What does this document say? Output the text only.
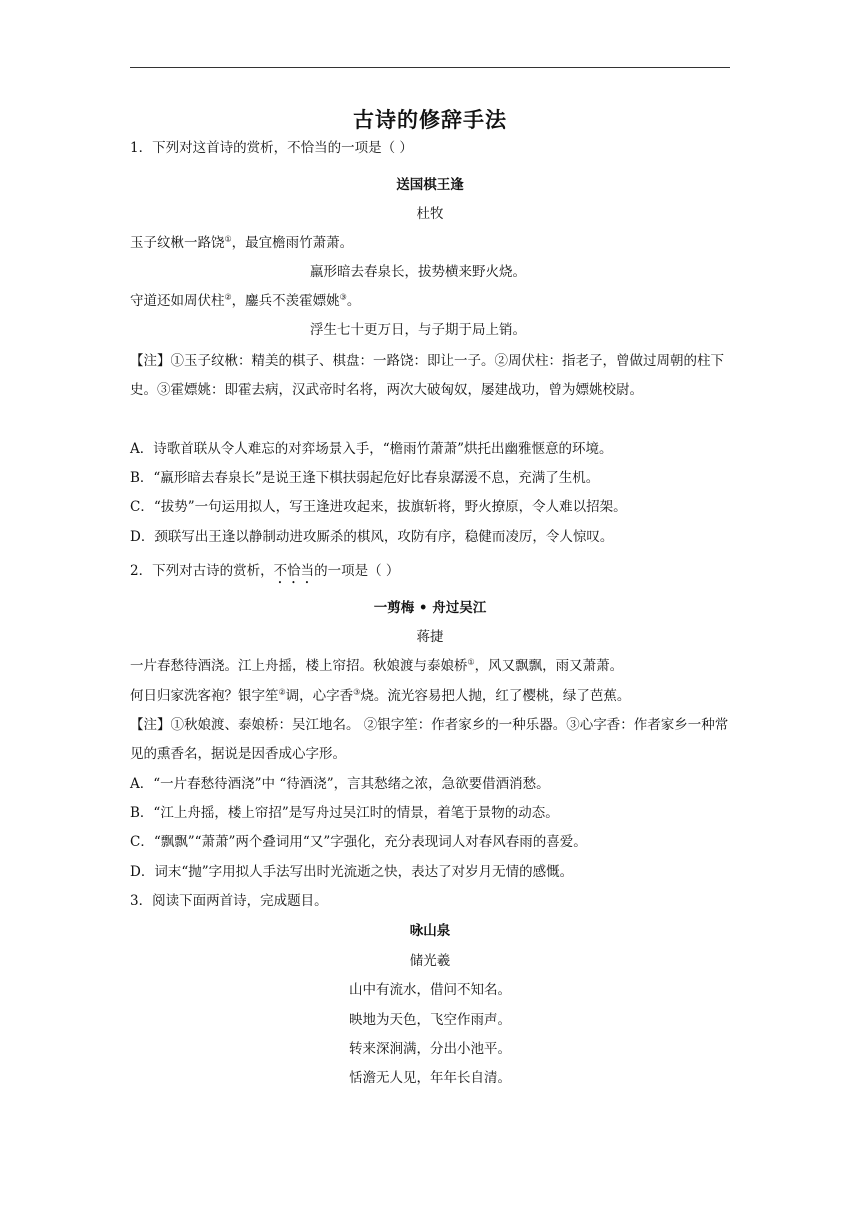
古诗的修辞手法
1．下列对这首诗的赏析，不恰当的一项是（ ）
送国棋王逢
杜牧
玉子纹楸一路饶①，最宜檐雨竹萧萧。
羸形暗去春泉长，拔势横来野火烧。
守道还如周伏柱②，鏖兵不羡霍嫖姚③。
浮生七十更万日，与子期于局上销。
【注】①玉子纹楸：精美的棋子、棋盘：一路饶：即让一子。②周伏柱：指老子，曾做过周朝的柱下史。③霍嫖姚：即霍去病，汉武帝时名将，两次大破匈奴，屡建战功，曾为嫖姚校尉。
A．诗歌首联从令人难忘的对弈场景入手，“檐雨竹萧萧”烘托出幽雅惬意的环境。
B．“羸形暗去春泉长”是说王逢下棋扶弱起危好比春泉潺湲不息，充满了生机。
C．“拔势”一句运用拟人，写王逢进攻起来，拔旗斩将，野火撩原，令人难以招架。
D．颈联写出王逢以静制动进攻厮杀的棋风，攻防有序，稳健而凌厉，令人惊叹。
2．下列对古诗的赏析，不恰当的一项是（ ）
一剪梅 • 舟过吴江
蒋捷
一片春愁待酒浇。江上舟摇，楼上帘招。秋娘渡与泰娘桥①，风又飘飘，雨又萧萧。
何日归家洗客袍？银字笙②调，心字香③烧。流光容易把人抛，红了樱桃，绿了芭蕉。
【注】①秋娘渡、泰娘桥：吴江地名。 ②银字笙：作者家乡的一种乐器。③心字香：作者家乡一种常见的熏香名，据说是因香成心字形。
A．“一片春愁待酒浇”中 “待酒浇”，言其愁绪之浓，急欲要借酒消愁。
B．“江上舟摇，楼上帘招”是写舟过吴江时的情景，着笔于景物的动态。
C．“飘飘”“萧萧”两个叠词用“又”字强化，充分表现词人对春风春雨的喜爱。
D．词末“抛”字用拟人手法写出时光流逝之快，表达了对岁月无情的感慨。
3．阅读下面两首诗，完成题目。
咏山泉
储光羲
山中有流水，借问不知名。
映地为天色，飞空作雨声。
转来深涧满，分出小池平。
恬澹无人见，年年长自清。
